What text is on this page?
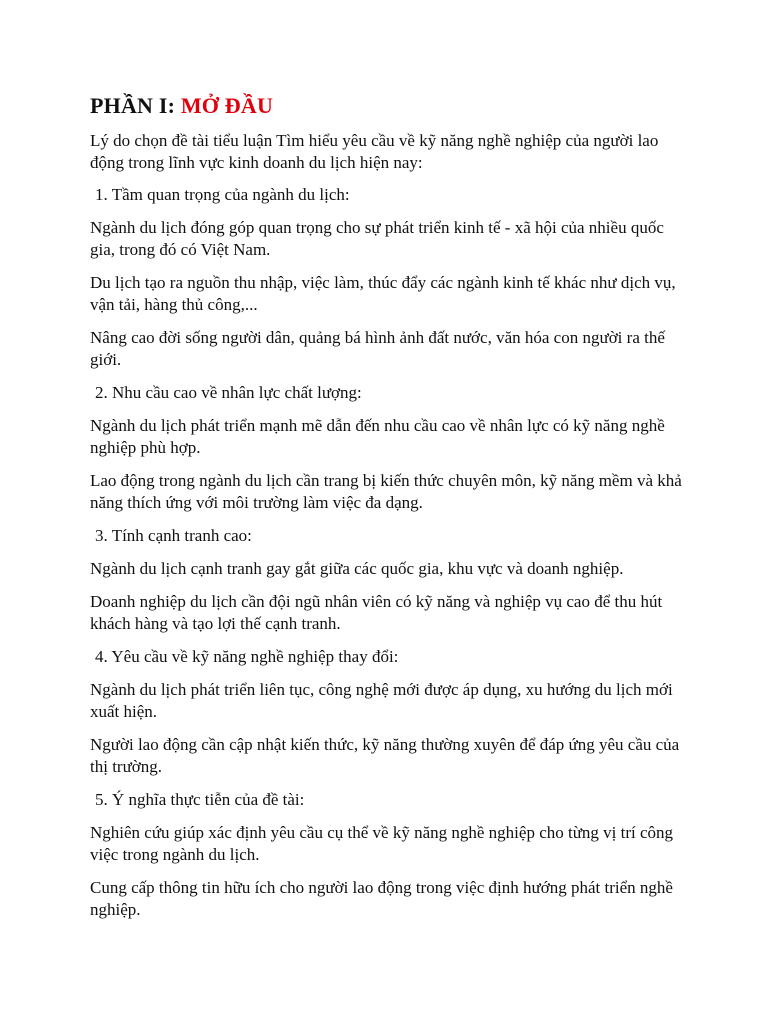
PHẦN I: MỞ ĐẦU

Lý do chọn đề tài tiểu luận Tìm hiểu yêu cầu về kỹ năng nghề nghiệp của người lao động trong lĩnh vực kinh doanh du lịch hiện nay:

1. Tầm quan trọng của ngành du lịch:

Ngành du lịch đóng góp quan trọng cho sự phát triển kinh tế - xã hội của nhiều quốc gia, trong đó có Việt Nam.

Du lịch tạo ra nguồn thu nhập, việc làm, thúc đẩy các ngành kinh tế khác như dịch vụ, vận tải, hàng thủ công,...

Nâng cao đời sống người dân, quảng bá hình ảnh đất nước, văn hóa con người ra thế giới.

2. Nhu cầu cao về nhân lực chất lượng:

Ngành du lịch phát triển mạnh mẽ dẫn đến nhu cầu cao về nhân lực có kỹ năng nghề nghiệp phù hợp.

Lao động trong ngành du lịch cần trang bị kiến thức chuyên môn, kỹ năng mềm và khả năng thích ứng với môi trường làm việc đa dạng.

3. Tính cạnh tranh cao:

Ngành du lịch cạnh tranh gay gắt giữa các quốc gia, khu vực và doanh nghiệp.

Doanh nghiệp du lịch cần đội ngũ nhân viên có kỹ năng và nghiệp vụ cao để thu hút khách hàng và tạo lợi thế cạnh tranh.

4. Yêu cầu về kỹ năng nghề nghiệp thay đổi:

Ngành du lịch phát triển liên tục, công nghệ mới được áp dụng, xu hướng du lịch mới xuất hiện.

Người lao động cần cập nhật kiến thức, kỹ năng thường xuyên để đáp ứng yêu cầu của thị trường.

5. Ý nghĩa thực tiễn của đề tài:

Nghiên cứu giúp xác định yêu cầu cụ thể về kỹ năng nghề nghiệp cho từng vị trí công việc trong ngành du lịch.

Cung cấp thông tin hữu ích cho người lao động trong việc định hướng phát triển nghề nghiệp.
